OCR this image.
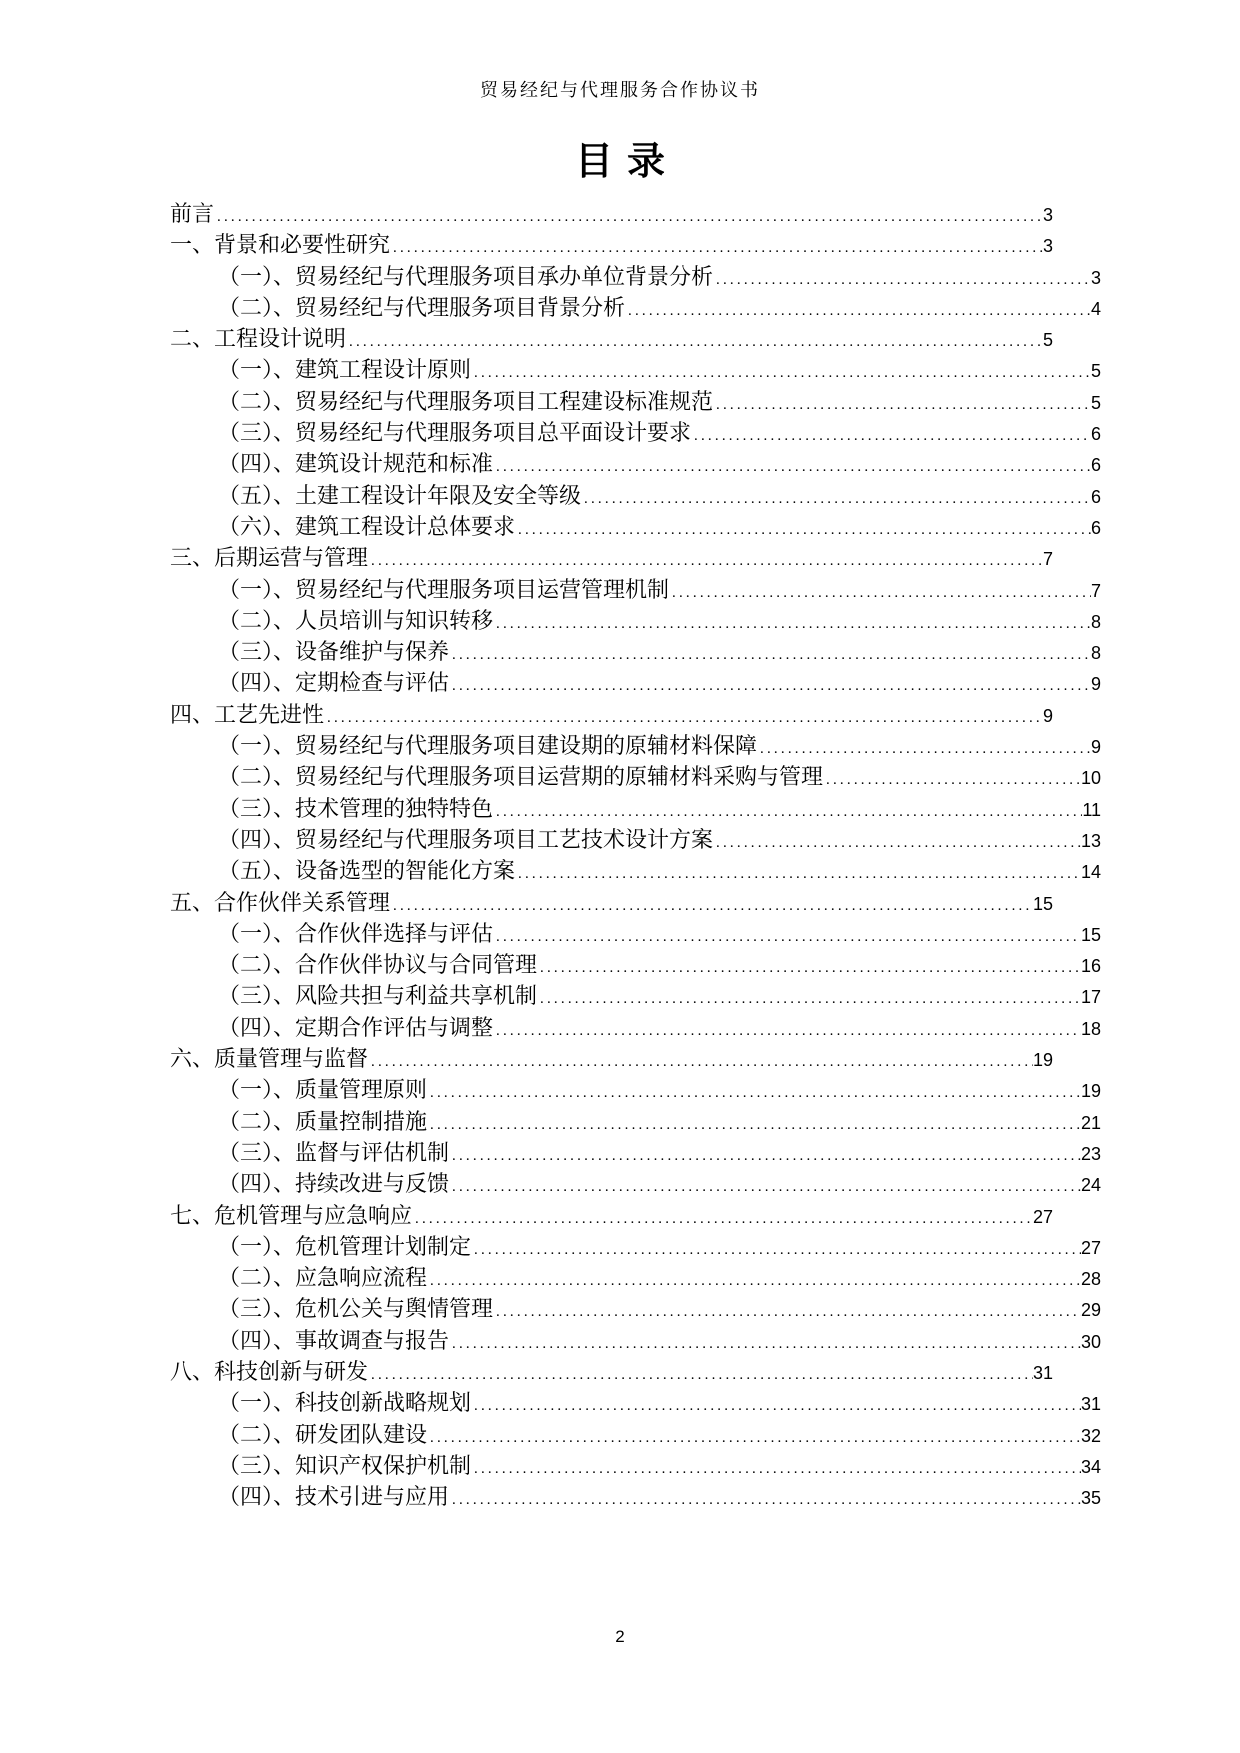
贸易经纪与代理服务合作协议书
目录
前言 .....	3
一、背景和必要性研究 .....	3
（一）、贸易经纪与代理服务项目承办单位背景分析 .....	3
（二）、贸易经纪与代理服务项目背景分析 .....	4
二、工程设计说明 .....	5
（一）、建筑工程设计原则 .....	5
（二）、贸易经纪与代理服务项目工程建设标准规范 .....	5
（三）、贸易经纪与代理服务项目总平面设计要求 .....	6
（四）、建筑设计规范和标准 .....	6
（五）、土建工程设计年限及安全等级 .....	6
（六）、建筑工程设计总体要求 .....	6
三、后期运营与管理 .....	7
（一）、贸易经纪与代理服务项目运营管理机制 .....	7
（二）、人员培训与知识转移 .....	8
（三）、设备维护与保养 .....	8
（四）、定期检查与评估 .....	9
四、工艺先进性 .....	9
（一）、贸易经纪与代理服务项目建设期的原辅材料保障 .....	9
（二）、贸易经纪与代理服务项目运营期的原辅材料采购与管理 .....	10
（三）、技术管理的独特特色 .....	11
（四）、贸易经纪与代理服务项目工艺技术设计方案 .....	13
（五）、设备选型的智能化方案 .....	14
五、合作伙伴关系管理 .....	15
（一）、合作伙伴选择与评估 .....	15
（二）、合作伙伴协议与合同管理 .....	16
（三）、风险共担与利益共享机制 .....	17
（四）、定期合作评估与调整 .....	18
六、质量管理与监督 .....	19
（一）、质量管理原则 .....	19
（二）、质量控制措施 .....	21
（三）、监督与评估机制 .....	23
（四）、持续改进与反馈 .....	24
七、危机管理与应急响应 .....	27
（一）、危机管理计划制定 .....	27
（二）、应急响应流程 .....	28
（三）、危机公关与舆情管理 .....	29
（四）、事故调查与报告 .....	30
八、科技创新与研发 .....	31
（一）、科技创新战略规划 .....	31
（二）、研发团队建设 .....	32
（三）、知识产权保护机制 .....	34
（四）、技术引进与应用 .....	35
2
